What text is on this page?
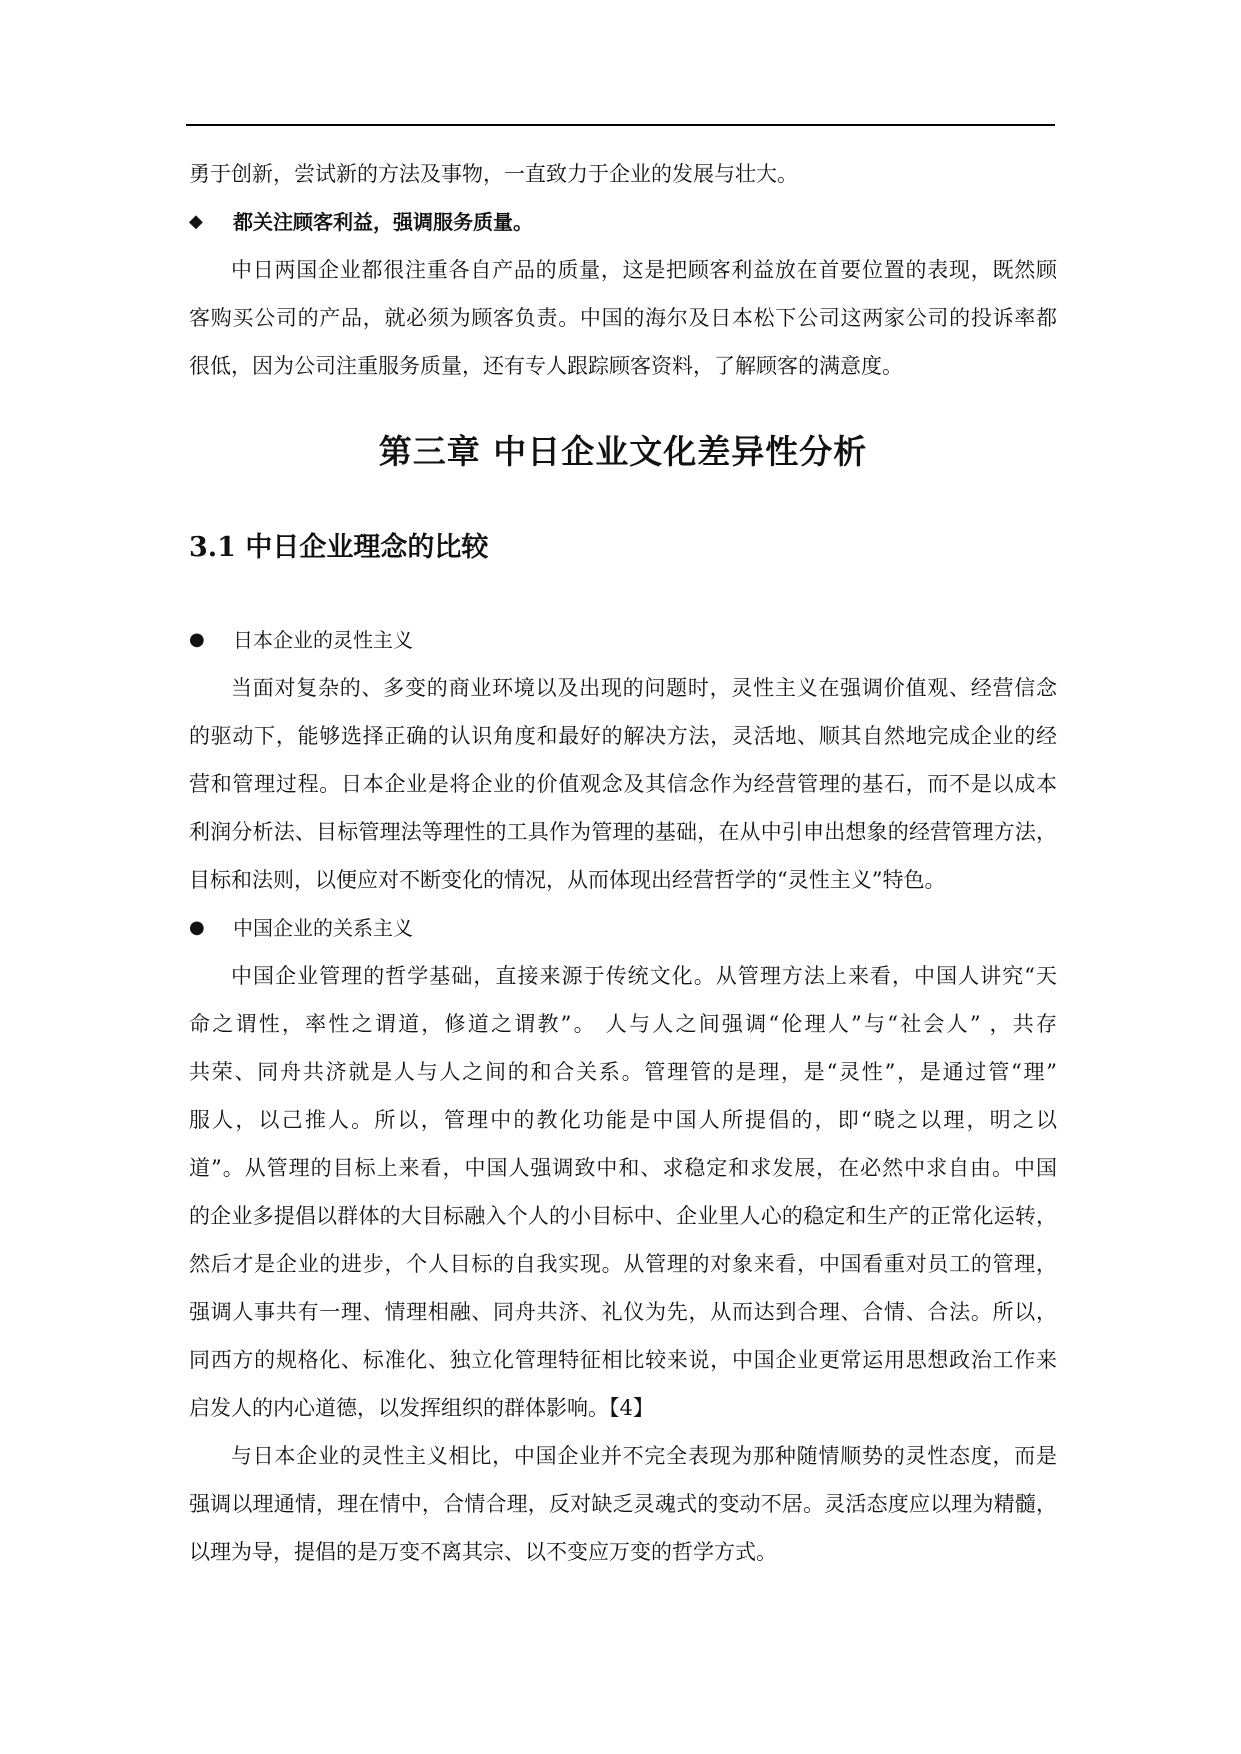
勇于创新，尝试新的方法及事物，一直致力于企业的发展与壮大。
◆	都关注顾客利益，强调服务质量。
中日两国企业都很注重各自产品的质量，这是把顾客利益放在首要位置的表现，既然顾
客购买公司的产品，就必须为顾客负责。中国的海尔及日本松下公司这两家公司的投诉率都
很低，因为公司注重服务质量，还有专人跟踪顾客资料，了解顾客的满意度。
第三章 中日企业文化差异性分析
3.1 中日企业理念的比较
●	日本企业的灵性主义
当面对复杂的、多变的商业环境以及出现的问题时，灵性主义在强调价值观、经营信念
的驱动下，能够选择正确的认识角度和最好的解决方法，灵活地、顺其自然地完成企业的经
营和管理过程。日本企业是将企业的价值观念及其信念作为经营管理的基石，而不是以成本
利润分析法、目标管理法等理性的工具作为管理的基础，在从中引申出想象的经营管理方法，
目标和法则，以便应对不断变化的情况，从而体现出经营哲学的“灵性主义”特色。
●	中国企业的关系主义
中国企业管理的哲学基础，直接来源于传统文化。从管理方法上来看，中国人讲究“天
命之谓性，率性之谓道，修道之谓教”。 人与人之间强调“伦理人”与“社会人” ，共存
共荣、同舟共济就是人与人之间的和合关系。管理管的是理，是“灵性”，是通过管“理”
服人，以己推人。所以，管理中的教化功能是中国人所提倡的，即“晓之以理，明之以
道”。从管理的目标上来看，中国人强调致中和、求稳定和求发展，在必然中求自由。中国
的企业多提倡以群体的大目标融入个人的小目标中、企业里人心的稳定和生产的正常化运转，
然后才是企业的进步，个人目标的自我实现。从管理的对象来看，中国看重对员工的管理，
强调人事共有一理、情理相融、同舟共济、礼仪为先，从而达到合理、合情、合法。所以，
同西方的规格化、标准化、独立化管理特征相比较来说，中国企业更常运用思想政治工作来
启发人的内心道德，以发挥组织的群体影响。【4】
与日本企业的灵性主义相比，中国企业并不完全表现为那种随情顺势的灵性态度，而是
强调以理通情，理在情中，合情合理，反对缺乏灵魂式的变动不居。灵活态度应以理为精髓，
以理为导，提倡的是万变不离其宗、以不变应万变的哲学方式。
